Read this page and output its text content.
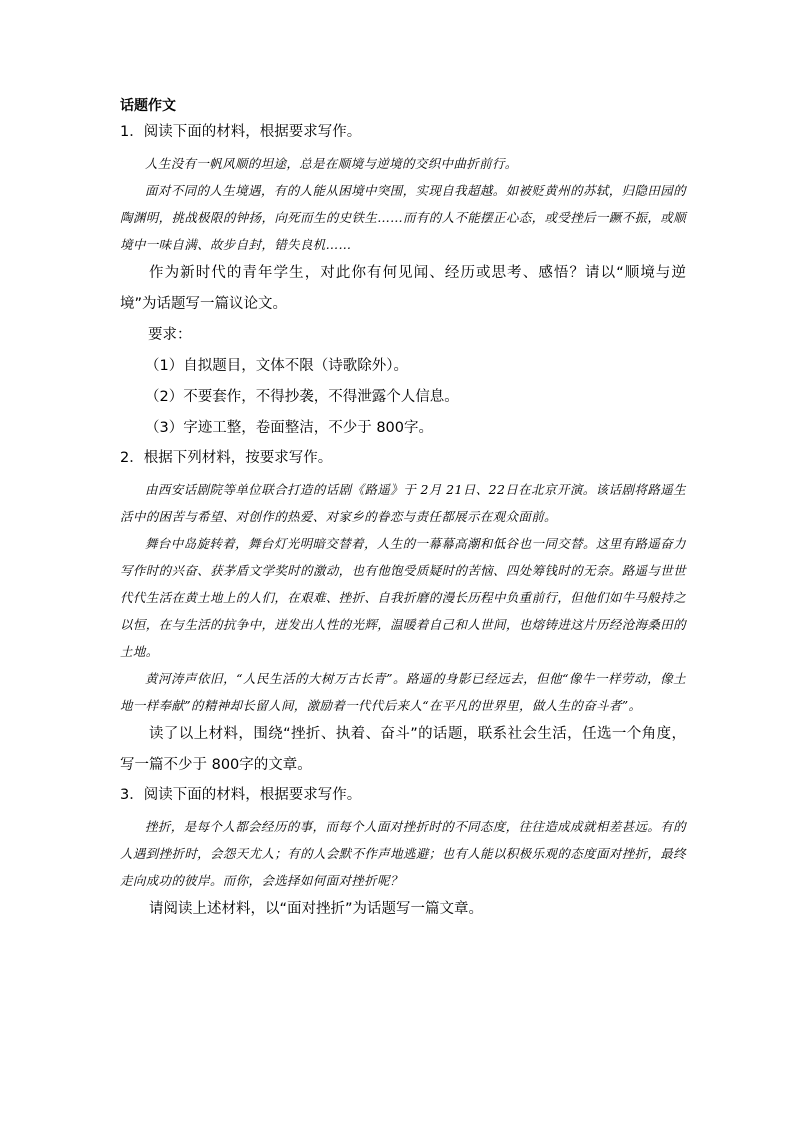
话题作文
1．阅读下面的材料，根据要求写作。

人生没有一帆风顺的坦途，总是在顺境与逆境的交织中曲折前行。

面对不同的人生境遇，有的人能从困境中突围，实现自我超越。如被贬黄州的苏轼，归隐田园的陶渊明，挑战极限的钟扬，向死而生的史铁生……而有的人不能摆正心态，或受挫后一蹶不振，或顺境中一味自满、故步自封，错失良机……

作为新时代的青年学生，对此你有何见闻、经历或思考、感悟？请以“顺境与逆境”为话题写一篇议论文。

要求：

（1）自拟题目，文体不限（诗歌除外）。

（2）不要套作，不得抄袭，不得泄露个人信息。

（3）字迹工整，卷面整洁，不少于 800字。

2．根据下列材料，按要求写作。

由西安话剧院等单位联合打造的话剧《路遥》于 2月 21日、22日在北京开演。该话剧将路遥生活中的困苦与希望、对创作的热爱、对家乡的眷恋与责任都展示在观众面前。

舞台中岛旋转着，舞台灯光明暗交替着，人生的一幕幕高潮和低谷也一同交替。这里有路遥奋力写作时的兴奋、获茅盾文学奖时的激动，也有他饱受质疑时的苦恼、四处筹钱时的无奈。路遥与世世代代生活在黄土地上的人们，在艰难、挫折、自我折磨的漫长历程中负重前行，但他们如牛马般持之以恒，在与生活的抗争中，迸发出人性的光辉，温暖着自己和人世间，也熔铸进这片历经沧海桑田的土地。

黄河涛声依旧，“人民生活的大树万古长青”。路遥的身影已经远去，但他“像牛一样劳动，像土地一样奉献”的精神却长留人间，激励着一代代后来人“在平凡的世界里，做人生的奋斗者”。

读了以上材料，围绕“挫折、执着、奋斗”的话题，联系社会生活，任选一个角度，写一篇不少于 800字的文章。

3．阅读下面的材料，根据要求写作。

挫折，是每个人都会经历的事，而每个人面对挫折时的不同态度，往往造成成就相差甚远。有的人遇到挫折时，会怨天尤人；有的人会默不作声地逃避；也有人能以积极乐观的态度面对挫折，最终走向成功的彼岸。而你，会选择如何面对挫折呢？

请阅读上述材料，以“面对挫折”为话题写一篇文章。
